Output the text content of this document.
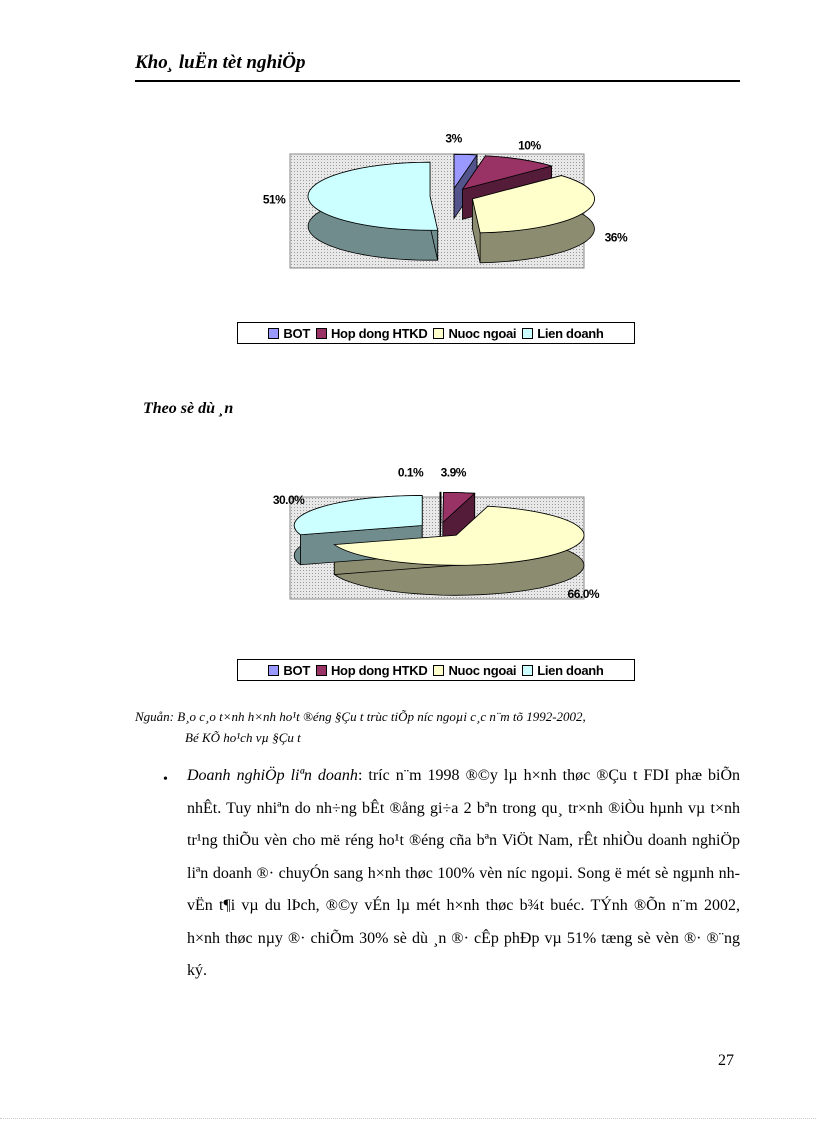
Kho¸ luËn tèt nghiÖp
3%	10%
36%
51%
0.1% 3.9%
66.0%
30.0%
BOT Hop dong HTKD Nuoc ngoai Lien doanh
BOT Hop dong HTKD Nuoc ngoai Lien doanh
Theo sè dù ¸n
Nguån: B¸o c¸o t×nh h×nh ho¹t ®éng §Çu t trùc tiÕp níc ngoµi c¸c n¨m tõ 1992-2002,
Bé KÕ ho¹ch vµ §Çu t
• Doanh nghiÖp liªn doanh: tríc n¨m 1998 ®©y lµ h×nh thøc ®Çu t FDI phæ biÕn nhÊt. Tuy nhiªn do nh÷ng bÊt ®ång gi÷a 2 bªn trong qu¸ tr×nh ®iÒu hµnh vµ t×nh tr¹ng thiÕu vèn cho më réng ho¹t ®éng cña bªn ViÖt Nam, rÊt nhiÒu doanh nghiÖp liªn doanh ®· chuyÓn sang h×nh thøc 100% vèn níc ngoµi. Song ë mét sè ngµnh nh vËn t¶i vµ du lÞch, ®©y vÉn lµ mét h×nh thøc b¾t buéc. TÝnh ®Õn n¨m 2002, h×nh thøc nµy ®· chiÕm 30% sè dù ¸n ®· cÊp phÐp vµ 51% tæng sè vèn ®· ®¨ng ký.
27
